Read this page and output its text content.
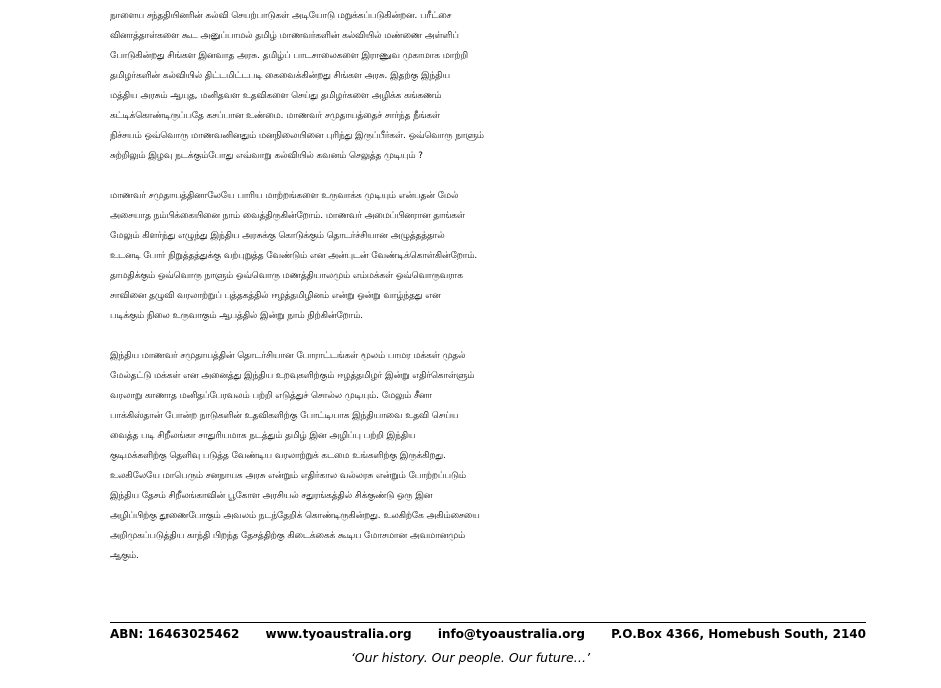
நாளைய சந்ததியினரின் கல்வி செயற்பாடுகள் அடியோடு மறுக்கப்படுகின்றன. பரீட்சை
வினாத்தாள்களை கூட அனுப்பாமல் தமிழ் மாணவர்களின் கல்வியில் மண்ணை அள்ளிப்
போடுகின்றது சிங்கள இனவாத அரசு. தமிழ்ப் பாடசாலைகளை இராணுவ முகாமாக மாற்றி
தமிழர்களின் கல்வியில் திட்டமிட்டபடி கைவைக்கின்றது சிங்கள அரசு. இதற்கு இந்திய
மத்திய அரசும் ஆயுத, மனிதவள உதவிகளை செய்து தமிழர்களை அழிக்க கங்கணம்
கட்டிக்கொண்டிருப்பதே கசப்பான உண்மை. மாணவர் சமுதாயத்தைச் சார்ந்த நீங்கள்
நிச்சயம் ஒவ்வொரு மாணவனினதும் மனநிலையினை புரிந்து இருப்பீர்கள். ஒவ்வொரு நாளும்
சுற்றிலும் இழவு நடக்கும்போது எவ்வாறு கல்வியில் கவனம் செலுத்த முடியும் ?

மாணவர் சமுதாயத்தினாலேயே பாரிய மாற்றங்களை உருவாக்க முடியும் என்பதன் மேல்
அசையாத நம்பிக்கையினை நாம் வைத்திருகின்றோம். மாணவர் அமைப்பினரான தாங்கள்
மேலும் கிளர்ந்து எழுந்து இந்திய அரசுக்கு கொடுக்கும் தொடர்ச்சியான அழுத்தத்தால்
உடனடி போர் நிறுத்தத்துக்கு வற்புறுத்த வேண்டும் என அன்புடன் வேண்டிக்கொள்கின்றோம்.
தாமதிக்கும் ஒவ்வொரு நாளும் ஒவ்வொரு மணத்தியாலமும் எம்மக்கள் ஒவ்வொருவராக
சாவினை தழுவி வரலாற்றுப் புத்தகத்தில் ஈழத்தமிழினம் என்று ஒன்று வாழ்ந்தது என
படிக்கும் நிலை உருவாகும் ஆபத்தில் இன்று நாம் நிற்கின்றோம்.

இந்திய மாணவர் சமுதாயத்தின் தொடர்சியான போராட்டங்கள் மூலம் பாமர மக்கள் முதல்
மேல்தட்டு மக்கள் என அனைத்து இந்திய உறவுகளிற்கும் ஈழத்தமிழர் இன்று எதிர்கொள்ளும்
வரலாறு காணாத மனிதப்பேரவலம் பற்றி எடுத்துச் சொல்ல முடியும். மேலும் சீனா
பாக்கிஸ்தான் போன்ற நாடுகளின் உதவிகளிற்கு போட்டியாக இந்தியாவை உதவி செய்ய
வைத்த படி சிறீலங்கா சாதுரியமாக நடத்தும் தமிழ் இன அழிப்பு பற்றி இந்திய
குடிமக்களிற்கு தெளிவு படுத்த வேண்டிய வரலாற்றுக் கடமை உங்களிற்கு இருக்கிறது.
உலகிலேயே மாபெரும் சனநாயக அரசு என்றும் எதிர்கால வல்லரசு என்றும் போற்றப்படும்
இந்திய தேசம் சிறீலங்காவின் பூகோள அரசியல் சதுரங்கத்தில் சிக்குண்டு ஒரு இன
அழிப்பிற்கு தூணைபோகும் அவலம் நடந்தேறிக் கொண்டிருகின்றது. உலகிற்கே அகிம்சையை
அறிமுகப்படுத்திய காந்தி பிறந்த தேசத்திற்கு கிடைக்கைக் கூடிய மோசமான அவமானமும்
ஆகும்.

ABN: 16463025462 www.tyoaustralia.org info@tyoaustralia.org P.O.Box 4366, Homebush South, 2140
‘Our history. Our people. Our future…’
